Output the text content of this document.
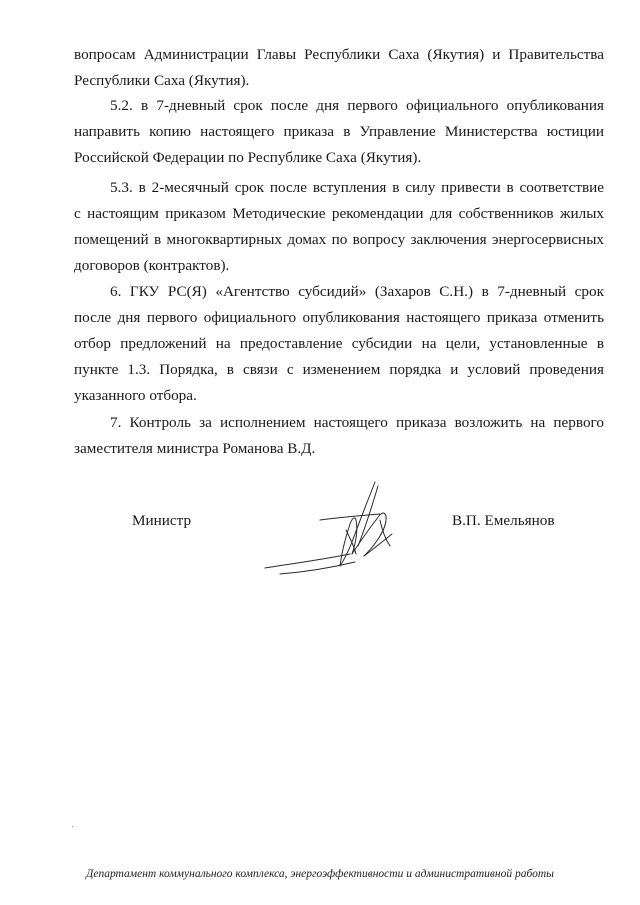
вопросам Администрации Главы Республики Саха (Якутия) и Правительства
Республики Саха (Якутия).
5.2. в 7-дневный срок после дня первого официального опубликования
направить копию настоящего приказа в Управление Министерства юстиции
Российской Федерации по Республике Саха (Якутия).
5.3. в 2-месячный срок после вступления в силу привести в соответствие
с настоящим приказом Методические рекомендации для собственников жилых
помещений в многоквартирных домах по вопросу заключения энергосервисных
договоров (контрактов).
6. ГКУ РС(Я) «Агентство субсидий» (Захаров С.Н.) в 7-дневный срок
после дня первого официального опубликования настоящего приказа отменить
отбор предложений на предоставление субсидии на цели, установленные в
пункте 1.3. Порядка, в связи с изменением порядка и условий проведения
указанного отбора.
7. Контроль за исполнением настоящего приказа возложить на первого
заместителя министра Романова В.Д.
Министр	В.П. Емельянов
Департамент коммунального комплекса, энергоэффективности и административной работы
